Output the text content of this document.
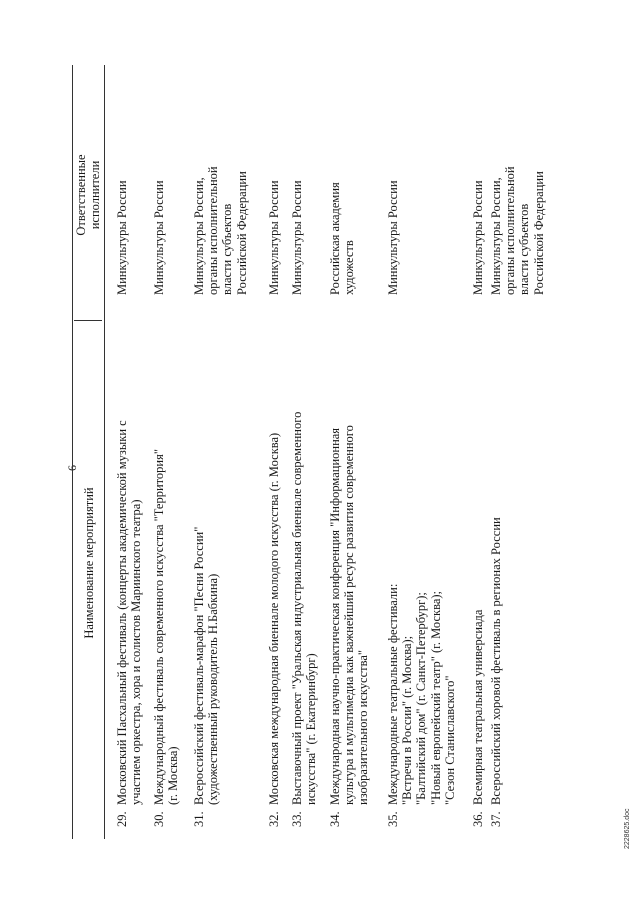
6
Наименование мероприятий
Ответственные
исполнители
29.
Московский Пасхальный фестиваль (концерты академической музыки с
участием оркестра, хора и солистов Мариинского театра)
Минкультуры России
30.
Международный фестиваль современного искусства "Территория"
(г. Москва)
Минкультуры России
31.
Всероссийский фестиваль-марафон "Песни России"
(художественный руководитель Н.Бабкина)
Минкультуры России,
органы исполнительной
власти субъектов
Российской Федерации
32.
Московская международная биеннале молодого искусства (г. Москва)
Минкультуры России
33.
Выставочный проект "Уральская индустриальная биеннале современного
искусства" (г. Екатеринбург)
Минкультуры России
34.
Международная научно-практическая конференция "Информационная
культура и мультимедиа как важнейший ресурс развития современного
изобразительного искусства"
Российская академия
художеств
35.
Международные театральные фестивали:
"Встречи в России" (г. Москва);
"Балтийский дом" (г. Санкт-Петербург);
"Новый европейский театр" (г. Москва);
"Сезон Станиславского"
Минкультуры России
36.
Всемирная театральная универсиада
Минкультуры России
37.
Всероссийский хоровой фестиваль в регионах России
Минкультуры России,
органы исполнительной
власти субъектов
Российской Федерации
2228625.doc
